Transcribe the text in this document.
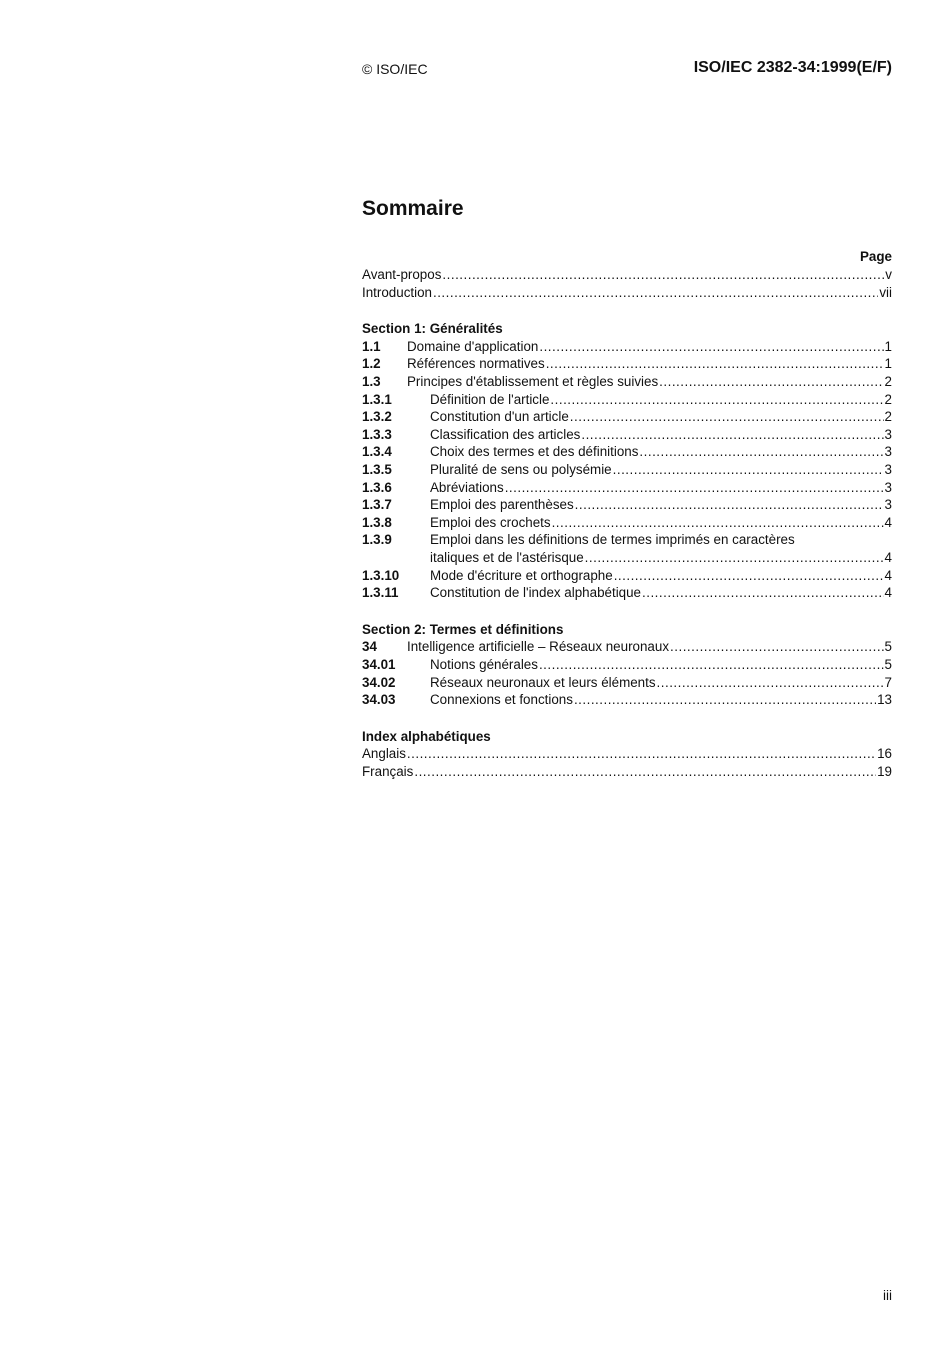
© ISO/IEC	ISO/IEC 2382-34:1999(E/F)
Sommaire
Page
Avant-propos .....	v
Introduction .....	vii
Section 1: Généralités
1.1	Domaine d'application .....	1
1.2	Références normatives .....	1
1.3	Principes d'établissement et règles suivies .....	2
1.3.1	Définition de l'article .....	2
1.3.2	Constitution d'un article .....	2
1.3.3	Classification des articles .....	3
1.3.4	Choix des termes et des définitions .....	3
1.3.5	Pluralité de sens ou polysémie .....	3
1.3.6	Abréviations .....	3
1.3.7	Emploi des parenthèses .....	3
1.3.8	Emploi des crochets .....	4
1.3.9	Emploi dans les définitions de termes imprimés en caractères
italiques et de l'astérisque .....	4
1.3.10	Mode d'écriture et orthographe .....	4
1.3.11	Constitution de l'index alphabétique .....	4
Section 2: Termes et définitions
34	Intelligence artificielle – Réseaux neuronaux .....	5
34.01	Notions générales .....	5
34.02	Réseaux neuronaux et leurs éléments .....	7
34.03	Connexions et fonctions .....	13
Index alphabétiques
Anglais .....	16
Français .....	19
iii
